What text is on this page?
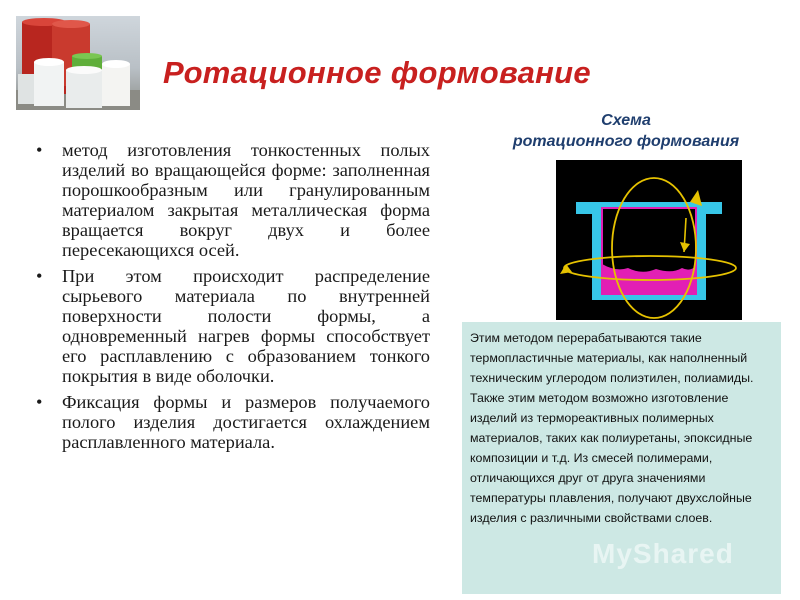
Ротационное формование
• метод изготовления тонкостенных полых изделий во вращающейся форме: заполненная порошкообразным или гранулированным материалом закрытая металлическая форма вращается вокруг двух и более пересекающихся осей.
• При этом происходит распределение сырьевого материала по внутренней поверхности полости формы, а одновременный нагрев формы способствует его расплавлению с образованием тонкого покрытия в виде оболочки.
• Фиксация формы и размеров получаемого полого изделия достигается охлаждением расплавленного материала.
Схема
ротационного формования
Этим методом перерабатываются такие термопластичные материалы, как наполненный техническим углеродом полиэтилен, полиамиды. Также этим методом возможно изготовление изделий из термореактивных полимерных материалов, таких как полиуретаны, эпоксидные композиции и т.д. Из смесей полимерами, отличающихся друг от друга значениями температуры плавления, получают двухслойные изделия с различными свойствами слоев.
MyShared
